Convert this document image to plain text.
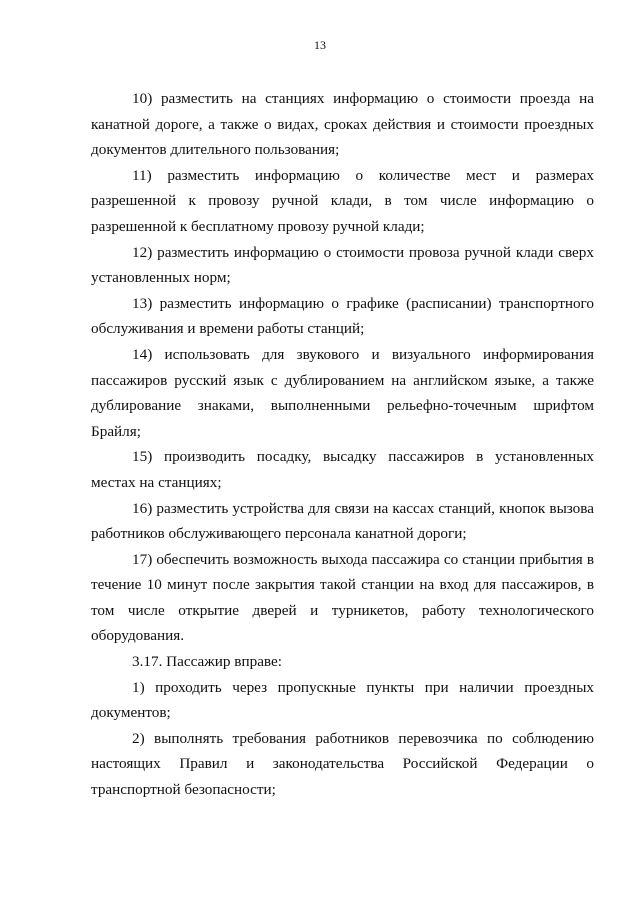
13

10) разместить на станциях информацию о стоимости проезда на канатной дороге, а также о видах, сроках действия и стоимости проездных документов длительного пользования;

11) разместить информацию о количестве мест и размерах разрешенной к провозу ручной клади, в том числе информацию о разрешенной к бесплатному провозу ручной клади;

12) разместить информацию о стоимости провоза ручной клади сверх установленных норм;

13) разместить информацию о графике (расписании) транспортного обслуживания и времени работы станций;

14) использовать для звукового и визуального информирования пассажиров русский язык с дублированием на английском языке, а также дублирование знаками, выполненными рельефно-точечным шрифтом Брайля;

15) производить посадку, высадку пассажиров в установленных местах на станциях;

16) разместить устройства для связи на кассах станций, кнопок вызова работников обслуживающего персонала канатной дороги;

17) обеспечить возможность выхода пассажира со станции прибытия в течение 10 минут после закрытия такой станции на вход для пассажиров, в том числе открытие дверей и турникетов, работу технологического оборудования.

3.17. Пассажир вправе:

1) проходить через пропускные пункты при наличии проездных документов;

2) выполнять требования работников перевозчика по соблюдению настоящих Правил и законодательства Российской Федерации о транспортной безопасности;
